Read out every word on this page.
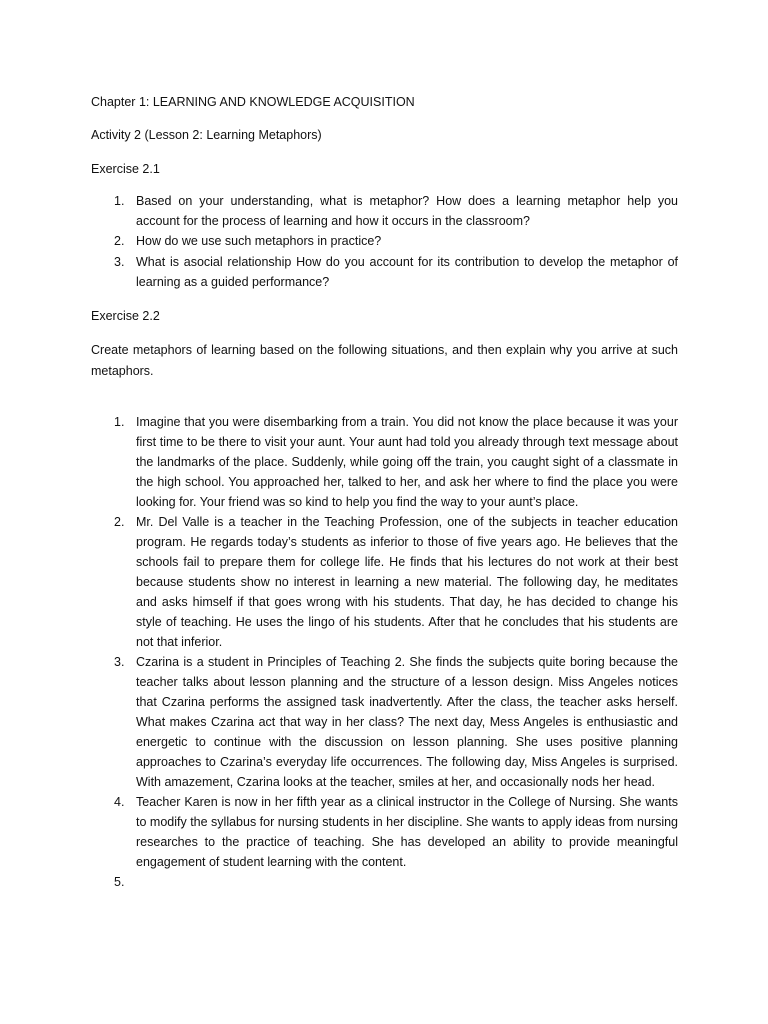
Chapter 1: LEARNING AND KNOWLEDGE ACQUISITION

Activity 2 (Lesson 2: Learning Metaphors)

Exercise 2.1

1. Based on your understanding, what is metaphor? How does a learning metaphor help you account for the process of learning and how it occurs in the classroom?
2. How do we use such metaphors in practice?
3. What is asocial relationship How do you account for its contribution to develop the metaphor of learning as a guided performance?

Exercise 2.2

Create metaphors of learning based on the following situations, and then explain why you arrive at such metaphors.

1. Imagine that you were disembarking from a train. You did not know the place because it was your first time to be there to visit your aunt. Your aunt had told you already through text message about the landmarks of the place. Suddenly, while going off the train, you caught sight of a classmate in the high school. You approached her, talked to her, and ask her where to find the place you were looking for. Your friend was so kind to help you find the way to your aunt’s place.
2. Mr. Del Valle is a teacher in the Teaching Profession, one of the subjects in teacher education program. He regards today’s students as inferior to those of five years ago. He believes that the schools fail to prepare them for college life. He finds that his lectures do not work at their best because students show no interest in learning a new material. The following day, he meditates and asks himself if that goes wrong with his students. That day, he has decided to change his style of teaching. He uses the lingo of his students. After that he concludes that his students are not that inferior.
3. Czarina is a student in Principles of Teaching 2. She finds the subjects quite boring because the teacher talks about lesson planning and the structure of a lesson design. Miss Angeles notices that Czarina performs the assigned task inadvertently. After the class, the teacher asks herself. What makes Czarina act that way in her class? The next day, Mess Angeles is enthusiastic and energetic to continue with the discussion on lesson planning. She uses positive planning approaches to Czarina’s everyday life occurrences. The following day, Miss Angeles is surprised. With amazement, Czarina looks at the teacher, smiles at her, and occasionally nods her head.
4. Teacher Karen is now in her fifth year as a clinical instructor in the College of Nursing. She wants to modify the syllabus for nursing students in her discipline. She wants to apply ideas from nursing researches to the practice of teaching. She has developed an ability to provide meaningful engagement of student learning with the content.
5.
